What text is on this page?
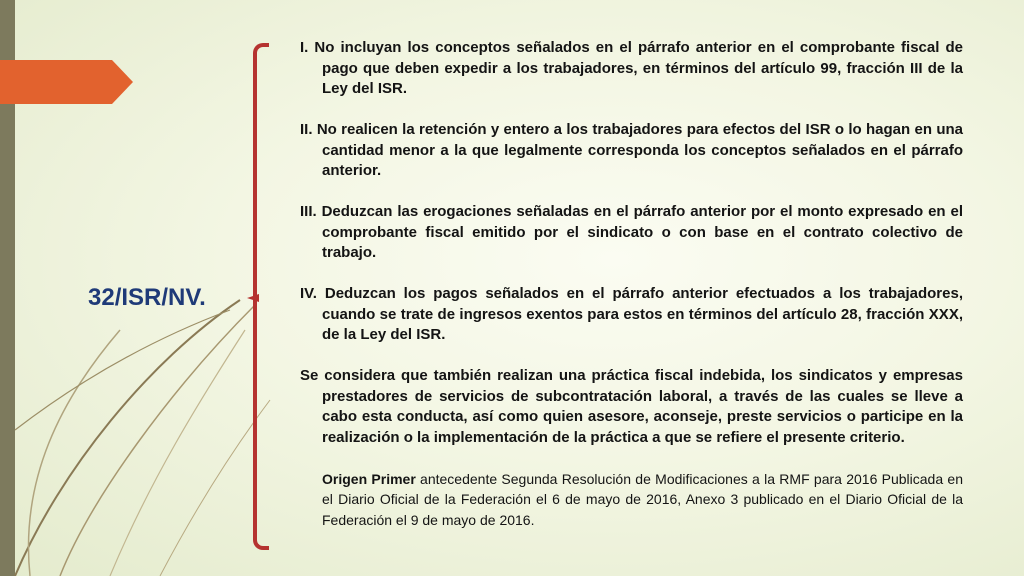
32/ISR/NV.

I. No incluyan los conceptos señalados en el párrafo anterior en el comprobante fiscal de pago que deben expedir a los trabajadores, en términos del artículo 99, fracción III de la Ley del ISR.

II. No realicen la retención y entero a los trabajadores para efectos del ISR o lo hagan en una cantidad menor a la que legalmente corresponda los conceptos señalados en el párrafo anterior.

III. Deduzcan las erogaciones señaladas en el párrafo anterior por el monto expresado en el comprobante fiscal emitido por el sindicato o con base en el contrato colectivo de trabajo.

IV. Deduzcan los pagos señalados en el párrafo anterior efectuados a los trabajadores, cuando se trate de ingresos exentos para estos en términos del artículo 28, fracción XXX, de la Ley del ISR.

Se considera que también realizan una práctica fiscal indebida, los sindicatos y empresas prestadores de servicios de subcontratación laboral, a través de las cuales se lleve a cabo esta conducta, así como quien asesore, aconseje, preste servicios o participe en la realización o la implementación de la práctica a que se refiere el presente criterio.

Origen Primer antecedente Segunda Resolución de Modificaciones a la RMF para 2016 Publicada en el Diario Oficial de la Federación el 6 de mayo de 2016, Anexo 3 publicado en el Diario Oficial de la Federación el 9 de mayo de 2016.
